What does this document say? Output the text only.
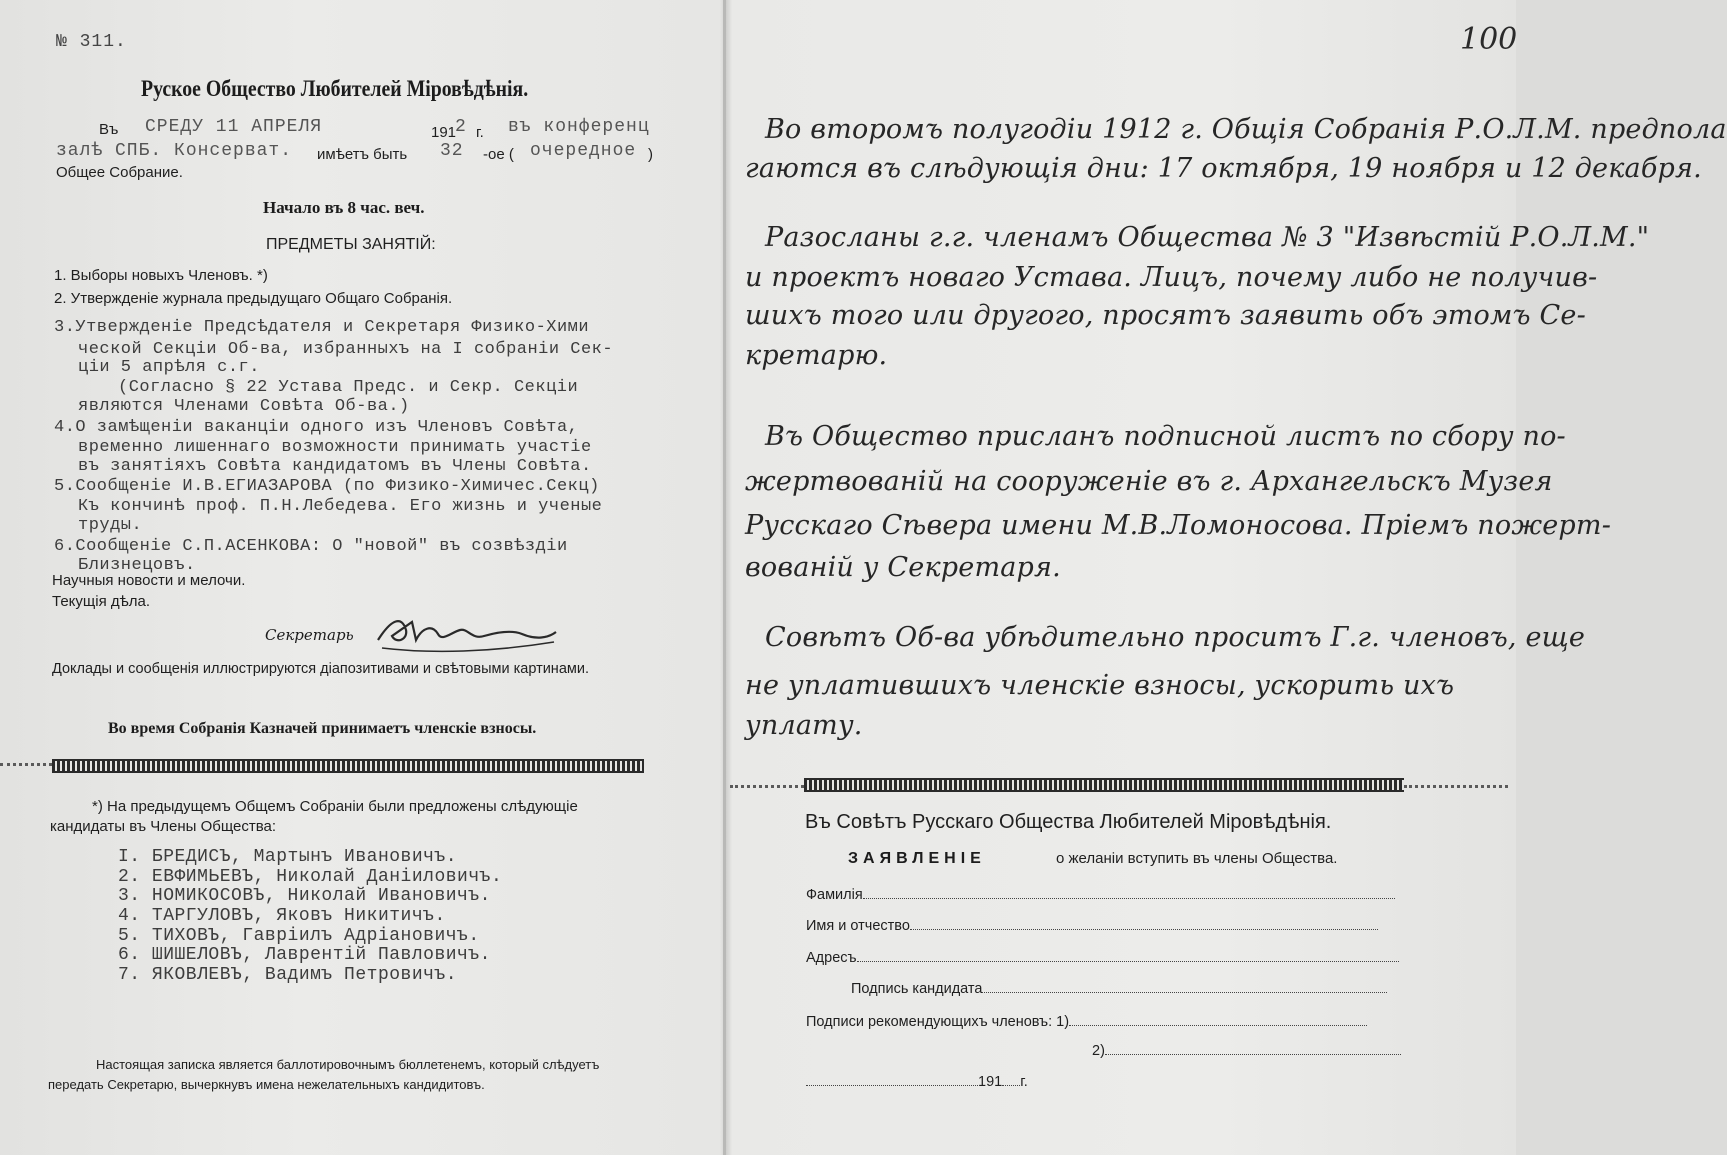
№ 311.
Руское Общество Любителей Міровѣдѣнія.
Въ СРЕДУ 11 АПРЕЛЯ	191
2 г. въ конференц
залѣ СПБ. Консерват. имѣетъ быть 32 -ое ( очередное )
Общее Собрание.
Начало въ 8 час. веч.
ПРЕДМЕТЫ ЗАНЯТІЙ:
1. Выборы новыхъ Членовъ. *)
2. Утвержденіе журнала предыдущаго Общаго Собранія.
3.Утвержденіе Предсѣдателя и Секретаря Физико-Хими
ческой Секціи Об-ва, избранныхъ на I собраніи Сек-
ціи 5 апрѣля с.г.
(Согласно § 22 Устава Предс. и Секр. Секціи
являются Членами Совѣта Об-ва.)
4.О замѣщеніи ваканціи одного изъ Членовъ Совѣта,
временно лишеннаго возможности принимать участіе
въ занятіяхъ Совѣта кандидатомъ въ Члены Совѣта.
5.Сообщеніе И.В.ЕГИАЗАРОВА (по Физико-Химичес.Секц)
Къ кончинѣ проф. П.Н.Лебедева. Его жизнь и ученые
труды.
6.Сообщеніе С.П.АСЕНКОВА: О "новой" въ созвѣздіи
Близнецовъ.
Научныя новости и мелочи.
Текущія дѣла.
Секретарь
Доклады и сообщенія иллюстрируются діапозитивами и свѣтовыми картинами.
Во время Собранія Казначей принимаетъ членскіе взносы.
*) На предыдущемъ Общемъ Собраніи были предложены слѣдующіе
кандидаты въ Члены Общества:
I. БРЕДИСЪ, Мартынъ Ивановичъ.
2. ЕВФИМЬЕВЪ, Николай Даніиловичъ.
3. НОМИКОСОВЪ, Николай Ивановичъ.
4. ТАРГУЛОВЪ, Яковъ Никитичъ.
5. ТИХОВЪ, Гавріилъ Адріановичъ.
6. ШИШЕЛОВЪ, Лаврентій Павловичъ.
7. ЯКОВЛЕВЪ, Вадимъ Петровичъ.
Настоящая записка является баллотировочнымъ бюллетенемъ, который слѣдуетъ
передать Секретарю, вычеркнувъ имена нежелательныхъ кандидитовъ.
100
Во второмъ полугодіи 1912 г. Общія Собранія Р.О.Л.М. предпола
гаются въ слѣдующія дни: 17 октября, 19 ноября и 12 декабря.
Разосланы г.г. членамъ Общества № 3 "Извѣстій Р.О.Л.М."
и проектъ новаго Устава. Лицъ, почему либо не получив-
шихъ того или другого, просятъ заявить объ этомъ Се-
кретарю.
Въ Общество присланъ подписной листъ по сбору по-
жертвованій на сооруженіе въ г. Архангельскъ Музея
Русскаго Сѣвера имени М.В.Ломоносова. Пріемъ пожерт-
вованій у Секретаря.
Совѣтъ Об-ва убѣдительно проситъ Г.г. членовъ, еще
не уплатившихъ членскіе взносы, ускорить ихъ
уплату.
Въ Совѣтъ Русскаго Общества Любителей Міровѣдѣнія.
ЗАЯВЛЕНІЕ	о желаніи вступить въ члены Общества.
Фамилія
Имя и отчество
Адресъ
Подпись кандидата
Подписи рекомендующихъ членовъ: 1)
2)
191 г.
